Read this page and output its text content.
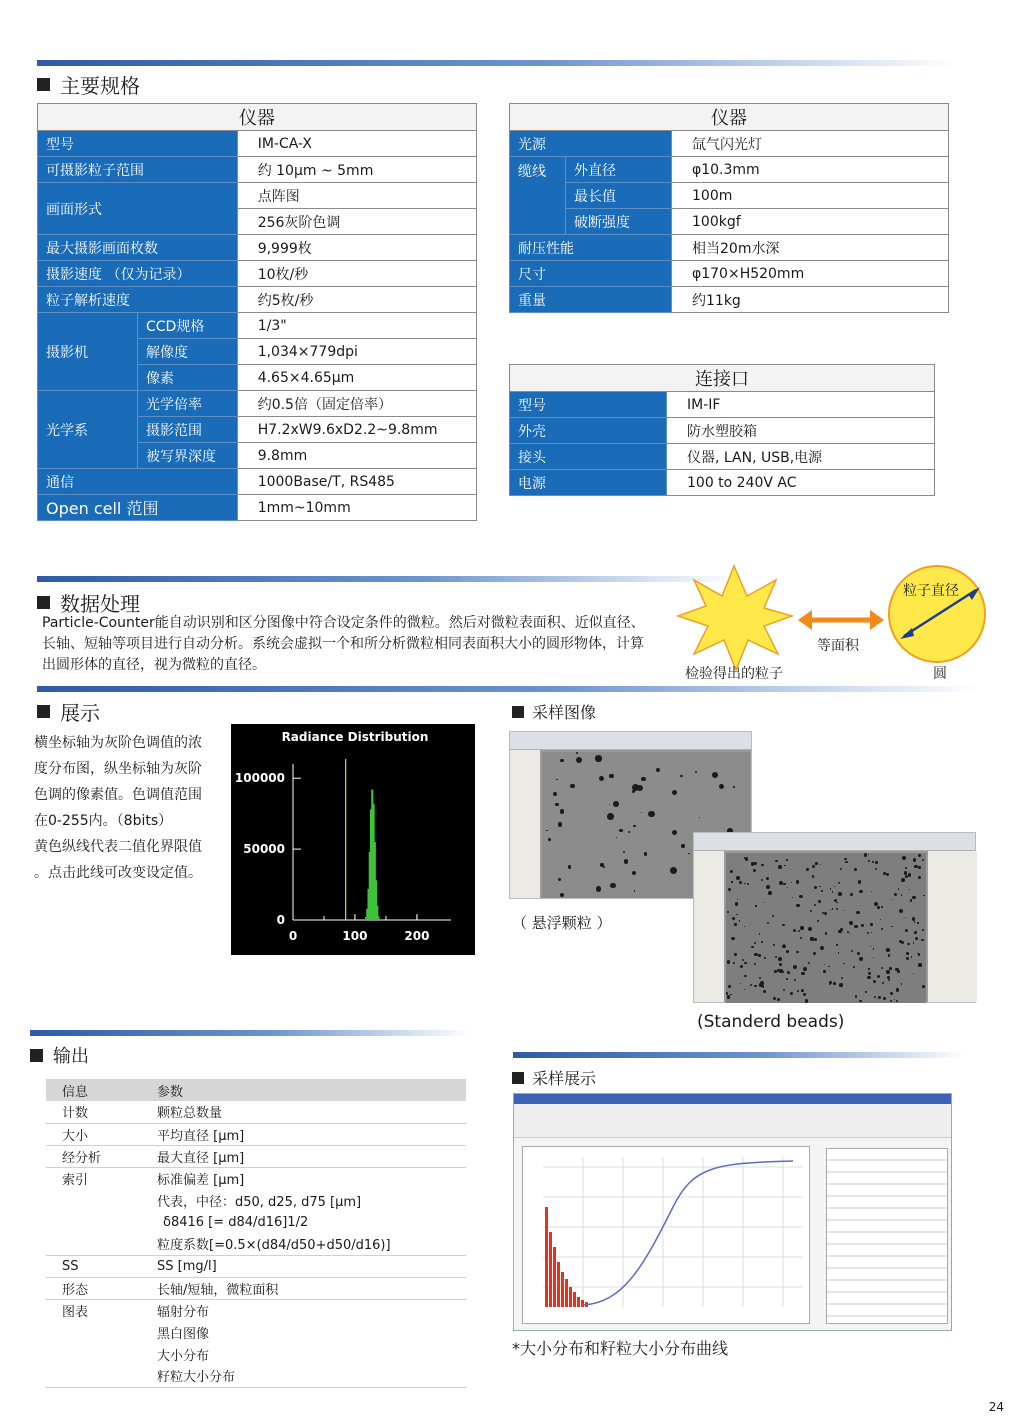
主要规格
仪器		
型号		IM-CA-X
可摄影粒子范围		约 10μm ~ 5mm
画面形式		点阵图
		256灰阶色调
最大摄影画面枚数		9,999枚
摄影速度 （仅为记录）		10枚/秒
粒子解析速度		约5枚/秒
摄影机	CCD规格	1/3"
	解像度	1,034×779dpi
	像素	4.65×4.65μm
光学系	光学倍率	约0.5倍（固定倍率）
	摄影范围	H7.2xW9.6xD2.2~9.8mm
	被写界深度	9.8mm
通信		1000Base/T, RS485
Open cell 范围		1mm~10mm
仪器		
光源		氙气闪光灯
缆线	外直径	φ10.3mm
	最长值	100m
	破断强度	100kgf
耐压性能		相当20m水深
尺寸		φ170×H520mm
重量		约11kg
连接口	
型号	IM-IF
外壳	防水塑胶箱
接头	仪器, LAN, USB,电源
电源	100 to 240V AC
数据处理
Particle-Counter能自动识别和区分图像中符合设定条件的微粒。然后对微粒表面积、近似直径、长轴、短轴等项目进行自动分析。系统会虚拟一个和所分析微粒相同表面积大小的圆形物体，计算出圆形体的直径，视为微粒的直径。
粒子直径
等面积
检验得出的粒子	圆
展示
横坐标轴为灰阶色调值的浓
度分布图，纵坐标轴为灰阶
色调的像素值。色调值范围
在0-255内。（8bits）
黄色纵线代表二值化界限值
。点击此线可改变设定值。
Radiance Distribution
0	100	200
0
50000
100000
采样图像
（ 悬浮颗粒 ）
(Standerd beads)
输出
信息	参数
计数	颗粒总数量
大小	平均直径 [μm]
经分析	最大直径 [μm]
索引	标准偏差 [μm]
	代表，中径：d50, d25, d75 [μm]
	δ8416 [= d84/d16]1/2
	粒度系数[=0.5×(d84/d50+d50/d16)]
SS	SS [mg/l]
形态	长轴/短轴，微粒面积
图表	辐射分布
	黑白图像
	大小分布
	籽粒大小分布
采样展示
*大小分布和籽粒大小分布曲线
24
